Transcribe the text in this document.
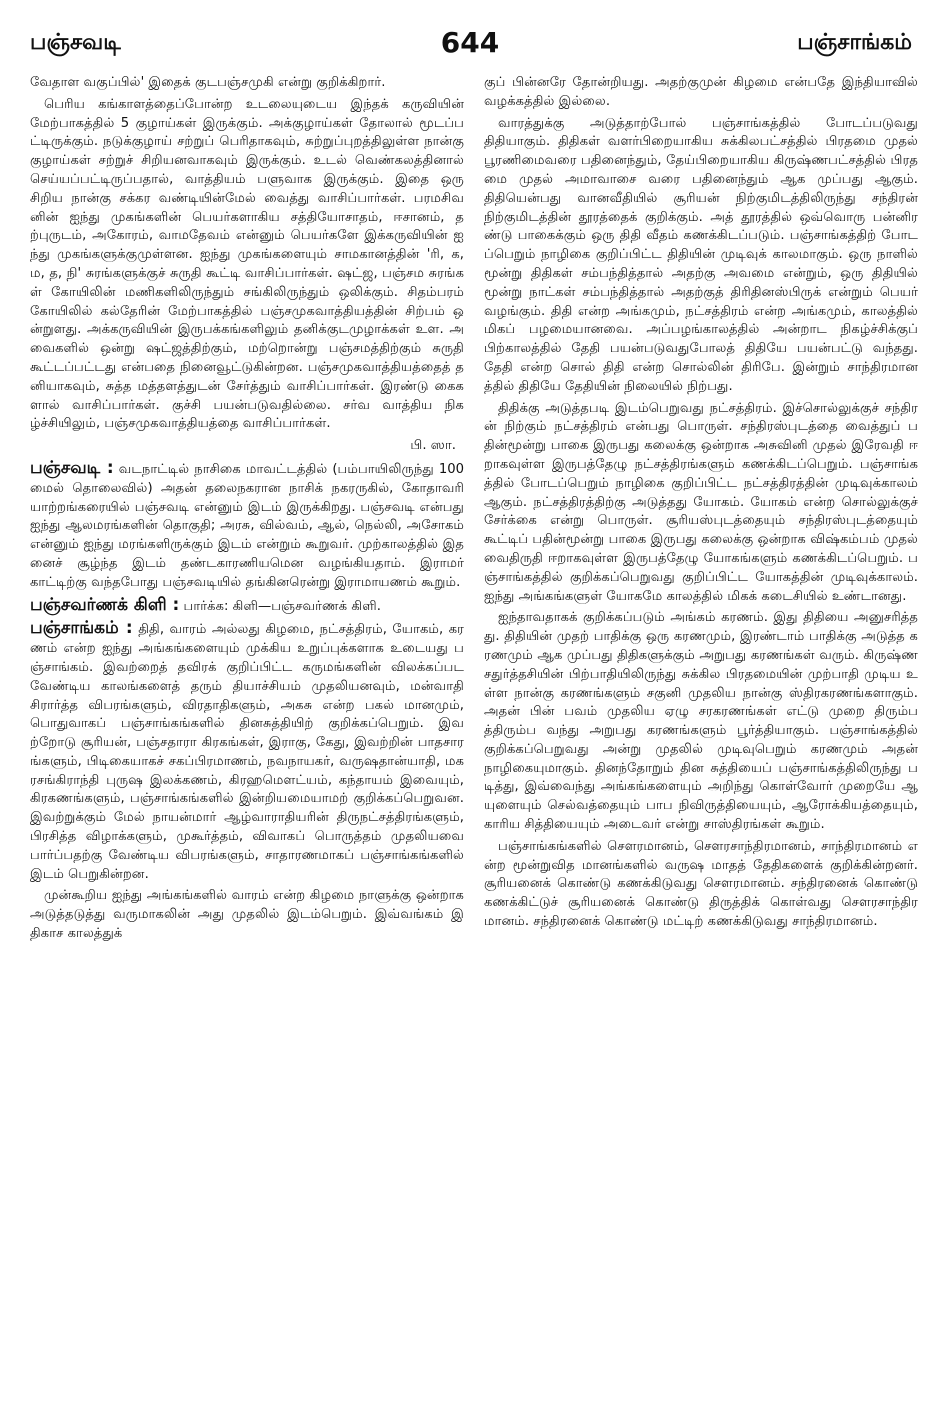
பஞ்சவடி	644	பஞ்சாங்கம்

வேதாள வகுப்பில்' இதைக் குடபஞ்சமுகி என்று குறிக்கிறார்.

பெரிய கங்காளத்தைப்போன்ற உடலையுடைய இந்தக் கருவியின் மேற்பாகத்தில் 5 குழாய்கள் இருக்கும். அக்குழாய்கள் தோலால் மூடப்பட்டிருக்கும். நடுக்குழாய் சற்றுப் பெரிதாகவும், சுற்றுப்புறத்திலுள்ள நான்கு குழாய்கள் சற்றுச் சிறியனவாகவும் இருக்கும். உடல் வெண்கலத்தினால் செய்யப்பட்டிருப்பதால், வாத்தியம் பளுவாக இருக்கும். இதை ஒரு சிறிய நான்கு சக்கர வண்டியின்மேல் வைத்து வாசிப்பார்கள். பரமசிவனின் ஐந்து முகங்களின் பெயர்களாகிய சத்தியோசாதம், ஈசானம், தற்புருடம், அகோரம், வாமதேவம் என்னும் பெயர்களே இக்கருவியின் ஐந்து முகங்களுக்குமுள்ளன. ஐந்து முகங்களையும் சாமகானத்தின் 'ரி, க, ம, த, நி' சுரங்களுக்குச் சுருதி கூட்டி வாசிப்பார்கள். ஷட்ஜ, பஞ்சம சுரங்கள் கோயிலின் மணிகளிலிருந்தும் சங்கிலிருந்தும் ஒலிக்கும். சிதம்பரம் கோயிலில் கல்தேரின் மேற்பாகத்தில் பஞ்சமுகவாத்தியத்தின் சிற்பம் ஒன்றுளது. அக்கருவியின் இருபக்கங்களிலும் தனிக்குடமுழாக்கள் உள. அவைகளில் ஒன்று ஷட்ஜத்திற்கும், மற்றொன்று பஞ்சமத்திற்கும் சுருதி கூட்டப்பட்டது என்பதை நினைவூட்டுகின்றன. பஞ்சமுகவாத்தியத்தைத் தனியாகவும், சுத்த மத்தளத்துடன் சேர்த்தும் வாசிப்பார்கள். இரண்டு கைகளால் வாசிப்பார்கள். குச்சி பயன்படுவதில்லை. சர்வ வாத்திய நிகழ்ச்சியிலும், பஞ்சமுகவாத்தியத்தை வாசிப்பார்கள்.

பி. ஸா.

பஞ்சவடி : வடநாட்டில் நாசிகை மாவட்டத்தில் (பம்பாயிலிருந்து 100 மைல் தொலைவில்) அதன் தலைநகரான நாசிக் நகரருகில், கோதாவரி யாற்றங்கரையில் பஞ்சவடி என்னும் இடம் இருக்கிறது. பஞ்சவடி என்பது ஐந்து ஆலமரங்களின் தொகுதி; அரசு, வில்வம், ஆல், நெல்லி, அசோகம் என்னும் ஐந்து மரங்களிருக்கும் இடம் என்றும் கூறுவர். முற்காலத்தில் இதனைச் சூழ்ந்த இடம் தண்டகாரணியமென வழங்கியதாம். இராமர் காட்டிற்கு வந்தபோது பஞ்சவடியில் தங்கினரென்று இராமாயணம் கூறும்.

பஞ்சவர்ணக் கிளி : பார்க்க: கிளி—பஞ்சவர்ணக் கிளி.

பஞ்சாங்கம் : திதி, வாரம் அல்லது கிழமை, நட்சத்திரம், யோகம், கரணம் என்ற ஐந்து அங்கங்களையும் முக்கிய உறுப்புக்களாக உடையது பஞ்சாங்கம். இவற்றைத் தவிரக் குறிப்பிட்ட கருமங்களின் விலக்கப்படவேண்டிய காலங்களைத் தரும் தியாச்சியம் முதலியனவும், மன்வாதி சிரார்த்த விபரங்களும், விரதாதிகளும், அகசு என்ற பகல் மானமும், பொதுவாகப் பஞ்சாங்கங்களில் தினசுத்தியிற் குறிக்கப்பெறும். இவற்றோடு சூரியன், பஞ்சதாரா கிரகங்கள், இராகு, கேது, இவற்றின் பாதசாரங்களும், பிடிகையாகச் சகப்பிரமாணம், நவநாயகர், வருஷதான்யாதி, மகரசங்கிராந்தி புருஷ இலக்கணம், கிரஹமௌட்யம், கந்தாயம் இவையும், கிரகணங்களும், பஞ்சாங்கங்களில் இன்றியமையாமற் குறிக்கப்பெறுவன. இவற்றுக்கும் மேல் நாயன்மார் ஆழ்வாராதியரின் திருநட்சத்திரங்களும், பிரசித்த விழாக்களும், முகூர்த்தம், விவாகப் பொருத்தம் முதலியவை பார்ப்பதற்கு வேண்டிய விபரங்களும், சாதாரணமாகப் பஞ்சாங்கங்களில் இடம் பெறுகின்றன.

முன்கூறிய ஐந்து அங்கங்களில் வாரம் என்ற கிழமை நாளுக்கு ஒன்றாக அடுத்தடுத்து வருமாகலின் அது முதலில் இடம்பெறும். இவ்வங்கம் இதிகாச காலத்துக்

குப் பின்னரே தோன்றியது. அதற்குமுன் கிழமை என்பதே இந்தியாவில் வழக்கத்தில் இல்லை.

வாரத்துக்கு அடுத்தாற்போல் பஞ்சாங்கத்தில் போடப்படுவது திதியாகும். திதிகள் வளர்பிறையாகிய சுக்கிலபட்சத்தில் பிரதமை முதல் பூரணிமைவரை பதினைந்தும், தேய்பிறையாகிய கிருஷ்ணபட்சத்தில் பிரதமை முதல் அமாவாசை வரை பதினைந்தும் ஆக முப்பது ஆகும். திதியென்பது வானவீதியில் சூரியன் நிற்குமிடத்திலிருந்து சந்திரன் நிற்குமிடத்தின் தூரத்தைக் குறிக்கும். அத் தூரத்தில் ஒவ்வொரு பன்னிரண்டு பாகைக்கும் ஒரு திதி வீதம் கணக்கிடப்படும். பஞ்சாங்கத்திற் போடப்பெறும் நாழிகை குறிப்பிட்ட திதியின் முடிவுக் காலமாகும். ஒரு நாளில் மூன்று திதிகள் சம்பந்தித்தால் அதற்கு அவமை என்றும், ஒரு திதியில் மூன்று நாட்கள் சம்பந்தித்தால் அதற்குத் திரிதினஸ்பிருக் என்றும் பெயர் வழங்கும். திதி என்ற அங்கமும், நட்சத்திரம் என்ற அங்கமும், காலத்தில் மிகப் பழமையானவை. அப்பழங்காலத்தில் அன்றாட நிகழ்ச்சிக்குப் பிற்காலத்தில் தேதி பயன்படுவதுபோலத் திதியே பயன்பட்டு வந்தது. தேதி என்ற சொல் திதி என்ற சொல்லின் திரிபே. இன்றும் சாந்திரமானத்தில் திதியே தேதியின் நிலையில் நிற்பது.

திதிக்கு அடுத்தபடி இடம்பெறுவது நட்சத்திரம். இச்சொல்லுக்குச் சந்திரன் நிற்கும் நட்சத்திரம் என்பது பொருள். சந்திரஸ்புடத்தை வைத்துப் பதின்மூன்று பாகை இருபது கலைக்கு ஒன்றாக அசுவினி முதல் இரேவதி ஈறாகவுள்ள இருபத்தேழு நட்சத்திரங்களும் கணக்கிடப்பெறும். பஞ்சாங்கத்தில் போடப்பெறும் நாழிகை குறிப்பிட்ட நட்சத்திரத்தின் முடிவுக்காலம் ஆகும். நட்சத்திரத்திற்கு அடுத்தது யோகம். யோகம் என்ற சொல்லுக்குச் சேர்க்கை என்று பொருள். சூரியஸ்புடத்தையும் சந்திரஸ்புடத்தையும் கூட்டிப் பதின்மூன்று பாகை இருபது கலைக்கு ஒன்றாக விஷ்கம்பம் முதல் வைதிருதி ஈறாகவுள்ள இருபத்தேழு யோகங்களும் கணக்கிடப்பெறும். பஞ்சாங்கத்தில் குறிக்கப்பெறுவது குறிப்பிட்ட யோகத்தின் முடிவுக்காலம். ஐந்து அங்கங்களுள் யோகமே காலத்தில் மிகக் கடைசியில் உண்டானது.

ஐந்தாவதாகக் குறிக்கப்படும் அங்கம் கரணம். இது திதியை அனுசரித்தது. திதியின் முதற் பாதிக்கு ஒரு கரணமும், இரண்டாம் பாதிக்கு அடுத்த கரணமும் ஆக முப்பது திதிகளுக்கும் அறுபது கரணங்கள் வரும். கிருஷ்ண சதுர்த்தசியின் பிற்பாதியிலிருந்து சுக்கில பிரதமையின் முற்பாதி முடிய உள்ள நான்கு கரணங்களும் சகுனி முதலிய நான்கு ஸ்திரகரணங்களாகும். அதன் பின் பவம் முதலிய ஏழு சரகரணங்கள் எட்டு முறை திரும்பத்திரும்ப வந்து அறுபது கரணங்களும் பூர்த்தியாகும். பஞ்சாங்கத்தில் குறிக்கப்பெறுவது அன்று முதலில் முடிவுபெறும் கரணமும் அதன் நாழிகையுமாகும். தினந்தோறும் தின சுத்தியைப் பஞ்சாங்கத்திலிருந்து படித்து, இவ்வைந்து அங்கங்களையும் அறிந்து கொள்வோர் முறையே ஆயுளையும் செல்வத்தையும் பாப நிவிருத்தியையும், ஆரோக்கியத்தையும், காரிய சித்தியையும் அடைவர் என்று சாஸ்திரங்கள் கூறும்.

பஞ்சாங்கங்களில் சௌரமானம், சௌரசாந்திரமானம், சாந்திரமானம் என்ற மூன்றுவித மானங்களில் வருஷ மாதத் தேதிகளைக் குறிக்கின்றனர். சூரியனைக் கொண்டு கணக்கிடுவது சௌரமானம். சந்திரனைக் கொண்டு கணக்கிட்டுச் சூரியனைக் கொண்டு திருத்திக் கொள்வது சௌரசாந்திரமானம். சந்திரனைக் கொண்டு மட்டிற் கணக்கிடுவது சாந்திரமானம்.
